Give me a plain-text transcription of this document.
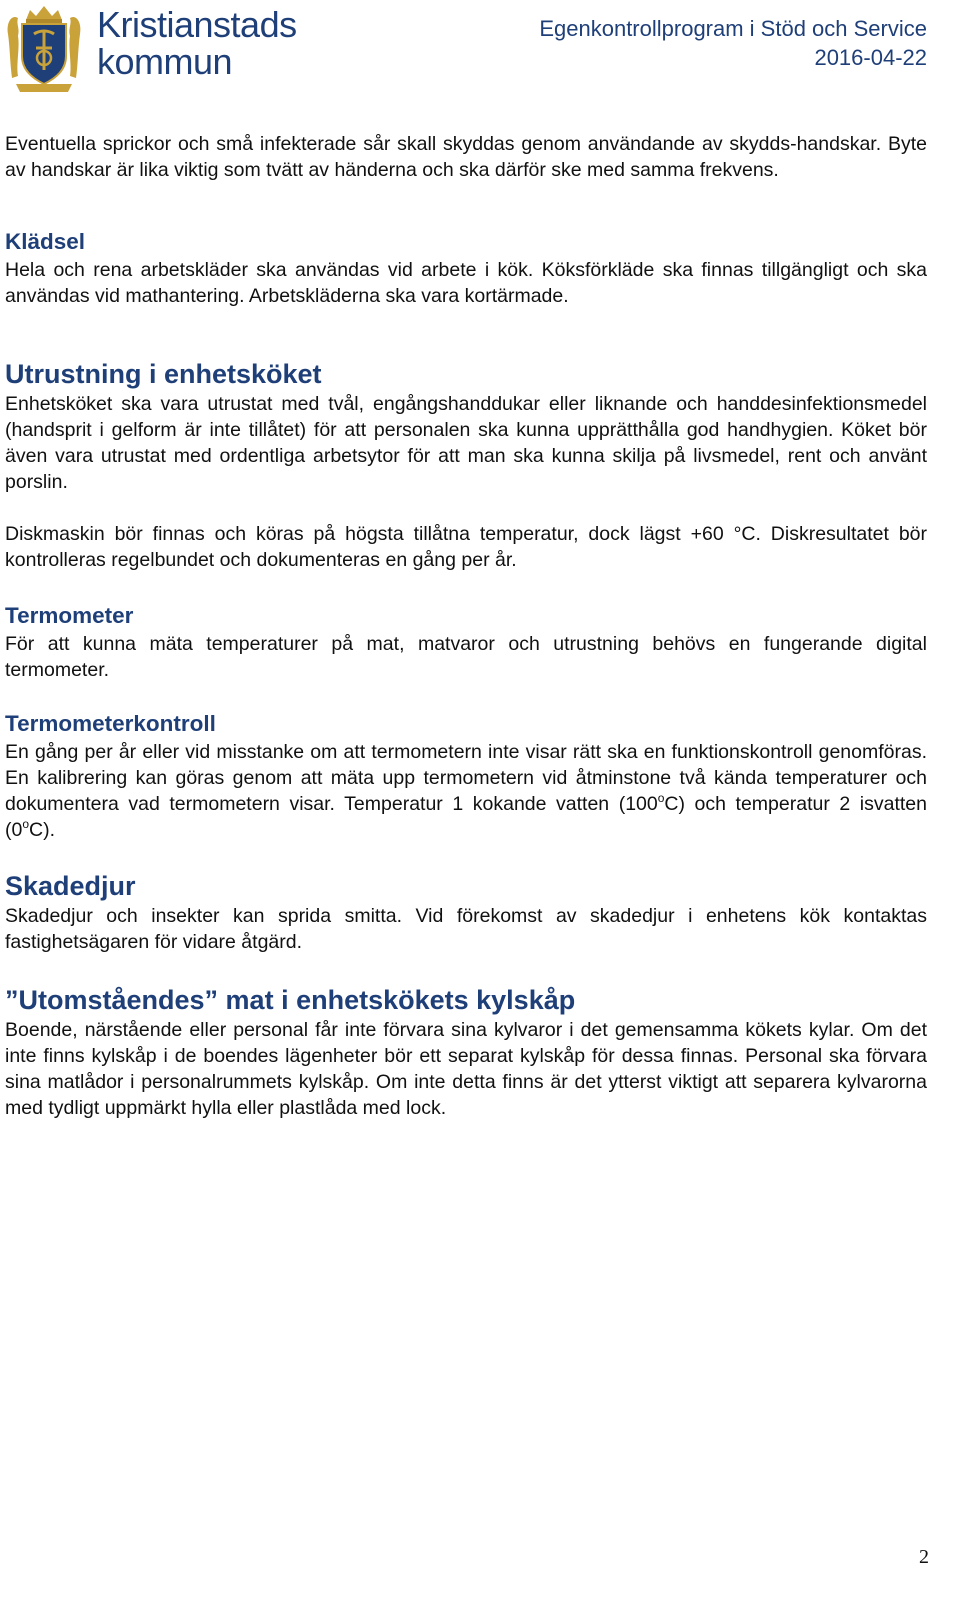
Kristianstads
kommun
Egenkontrollprogram i Stöd och Service
2016-04-22

Eventuella sprickor och små infekterade sår skall skyddas genom användande av skydds-handskar. Byte av handskar är lika viktig som tvätt av händerna och ska därför ske med samma frekvens.

Klädsel

Hela och rena arbetskläder ska användas vid arbete i kök. Köksförkläde ska finnas tillgängligt och ska användas vid mathantering. Arbetskläderna ska vara kortärmade.

Utrustning i enhetsköket

Enhetsköket ska vara utrustat med tvål, engångshanddukar eller liknande och handdesinfektionsmedel (handsprit i gelform är inte tillåtet) för att personalen ska kunna upprätthålla god handhygien. Köket bör även vara utrustat med ordentliga arbetsytor för att man ska kunna skilja på livsmedel, rent och använt porslin.

Diskmaskin bör finnas och köras på högsta tillåtna temperatur, dock lägst +60 °C. Diskresultatet bör kontrolleras regelbundet och dokumenteras en gång per år.

Termometer

För att kunna mäta temperaturer på mat, matvaror och utrustning behövs en fungerande digital termometer.

Termometerkontroll

En gång per år eller vid misstanke om att termometern inte visar rätt ska en funktionskontroll genomföras. En kalibrering kan göras genom att mäta upp termometern vid åtminstone två kända temperaturer och dokumentera vad termometern visar. Temperatur 1 kokande vatten (100$^o$C) och temperatur 2 isvatten (0$^o$C).

Skadedjur

Skadedjur och insekter kan sprida smitta. Vid förekomst av skadedjur i enhetens kök kontaktas fastighetsägaren för vidare åtgärd.

”Utomståendes” mat i enhetskökets kylskåp

Boende, närstående eller personal får inte förvara sina kylvaror i det gemensamma kökets kylar. Om det inte finns kylskåp i de boendes lägenheter bör ett separat kylskåp för dessa finnas. Personal ska förvara sina matlådor i personalrummets kylskåp. Om inte detta finns är det ytterst viktigt att separera kylvarorna med tydligt uppmärkt hylla eller plastlåda med lock.

2
